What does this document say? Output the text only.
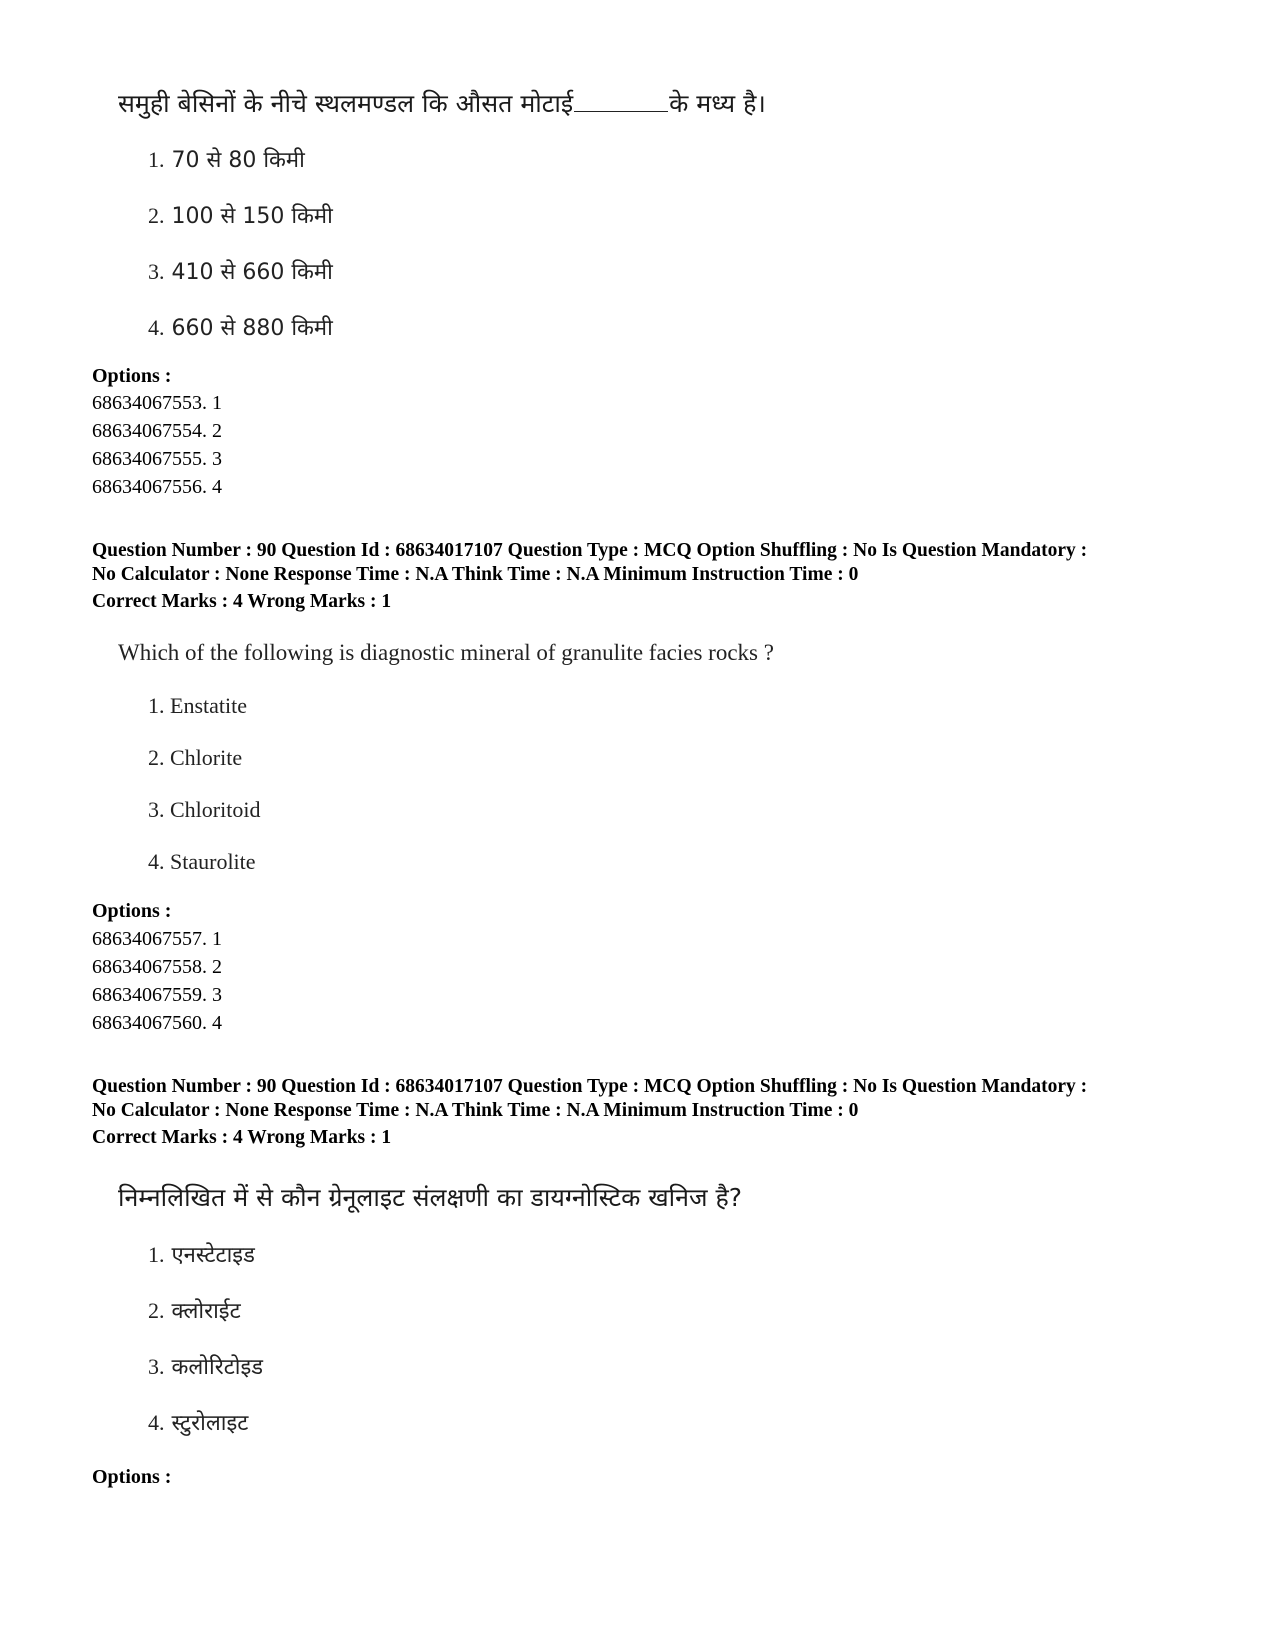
समुही बेसिनों के नीचे स्थलमण्डल कि औसत मोटाई	के मध्य है।
1. 70 से 80 किमी
2. 100 से 150 किमी
3. 410 से 660 किमी
4. 660 से 880 किमी
Options :
68634067553. 1
68634067554. 2
68634067555. 3
68634067556. 4
Question Number : 90 Question Id : 68634017107 Question Type : MCQ Option Shuffling : No Is Question Mandatory :
No Calculator : None Response Time : N.A Think Time : N.A Minimum Instruction Time : 0
Correct Marks : 4 Wrong Marks : 1
Which of the following is diagnostic mineral of granulite facies rocks ?
1. Enstatite
2. Chlorite
3. Chloritoid
4. Staurolite
Options :
68634067557. 1
68634067558. 2
68634067559. 3
68634067560. 4
Question Number : 90 Question Id : 68634017107 Question Type : MCQ Option Shuffling : No Is Question Mandatory :
No Calculator : None Response Time : N.A Think Time : N.A Minimum Instruction Time : 0
Correct Marks : 4 Wrong Marks : 1
निम्नलिखित में से कौन ग्रेनूलाइट संलक्षणी का डायग्नोस्टिक खनिज है?
1. एनस्टेटाइड
2. क्लोराईट
3. कलोरिटोइड
4. स्टुरोलाइट
Options :
